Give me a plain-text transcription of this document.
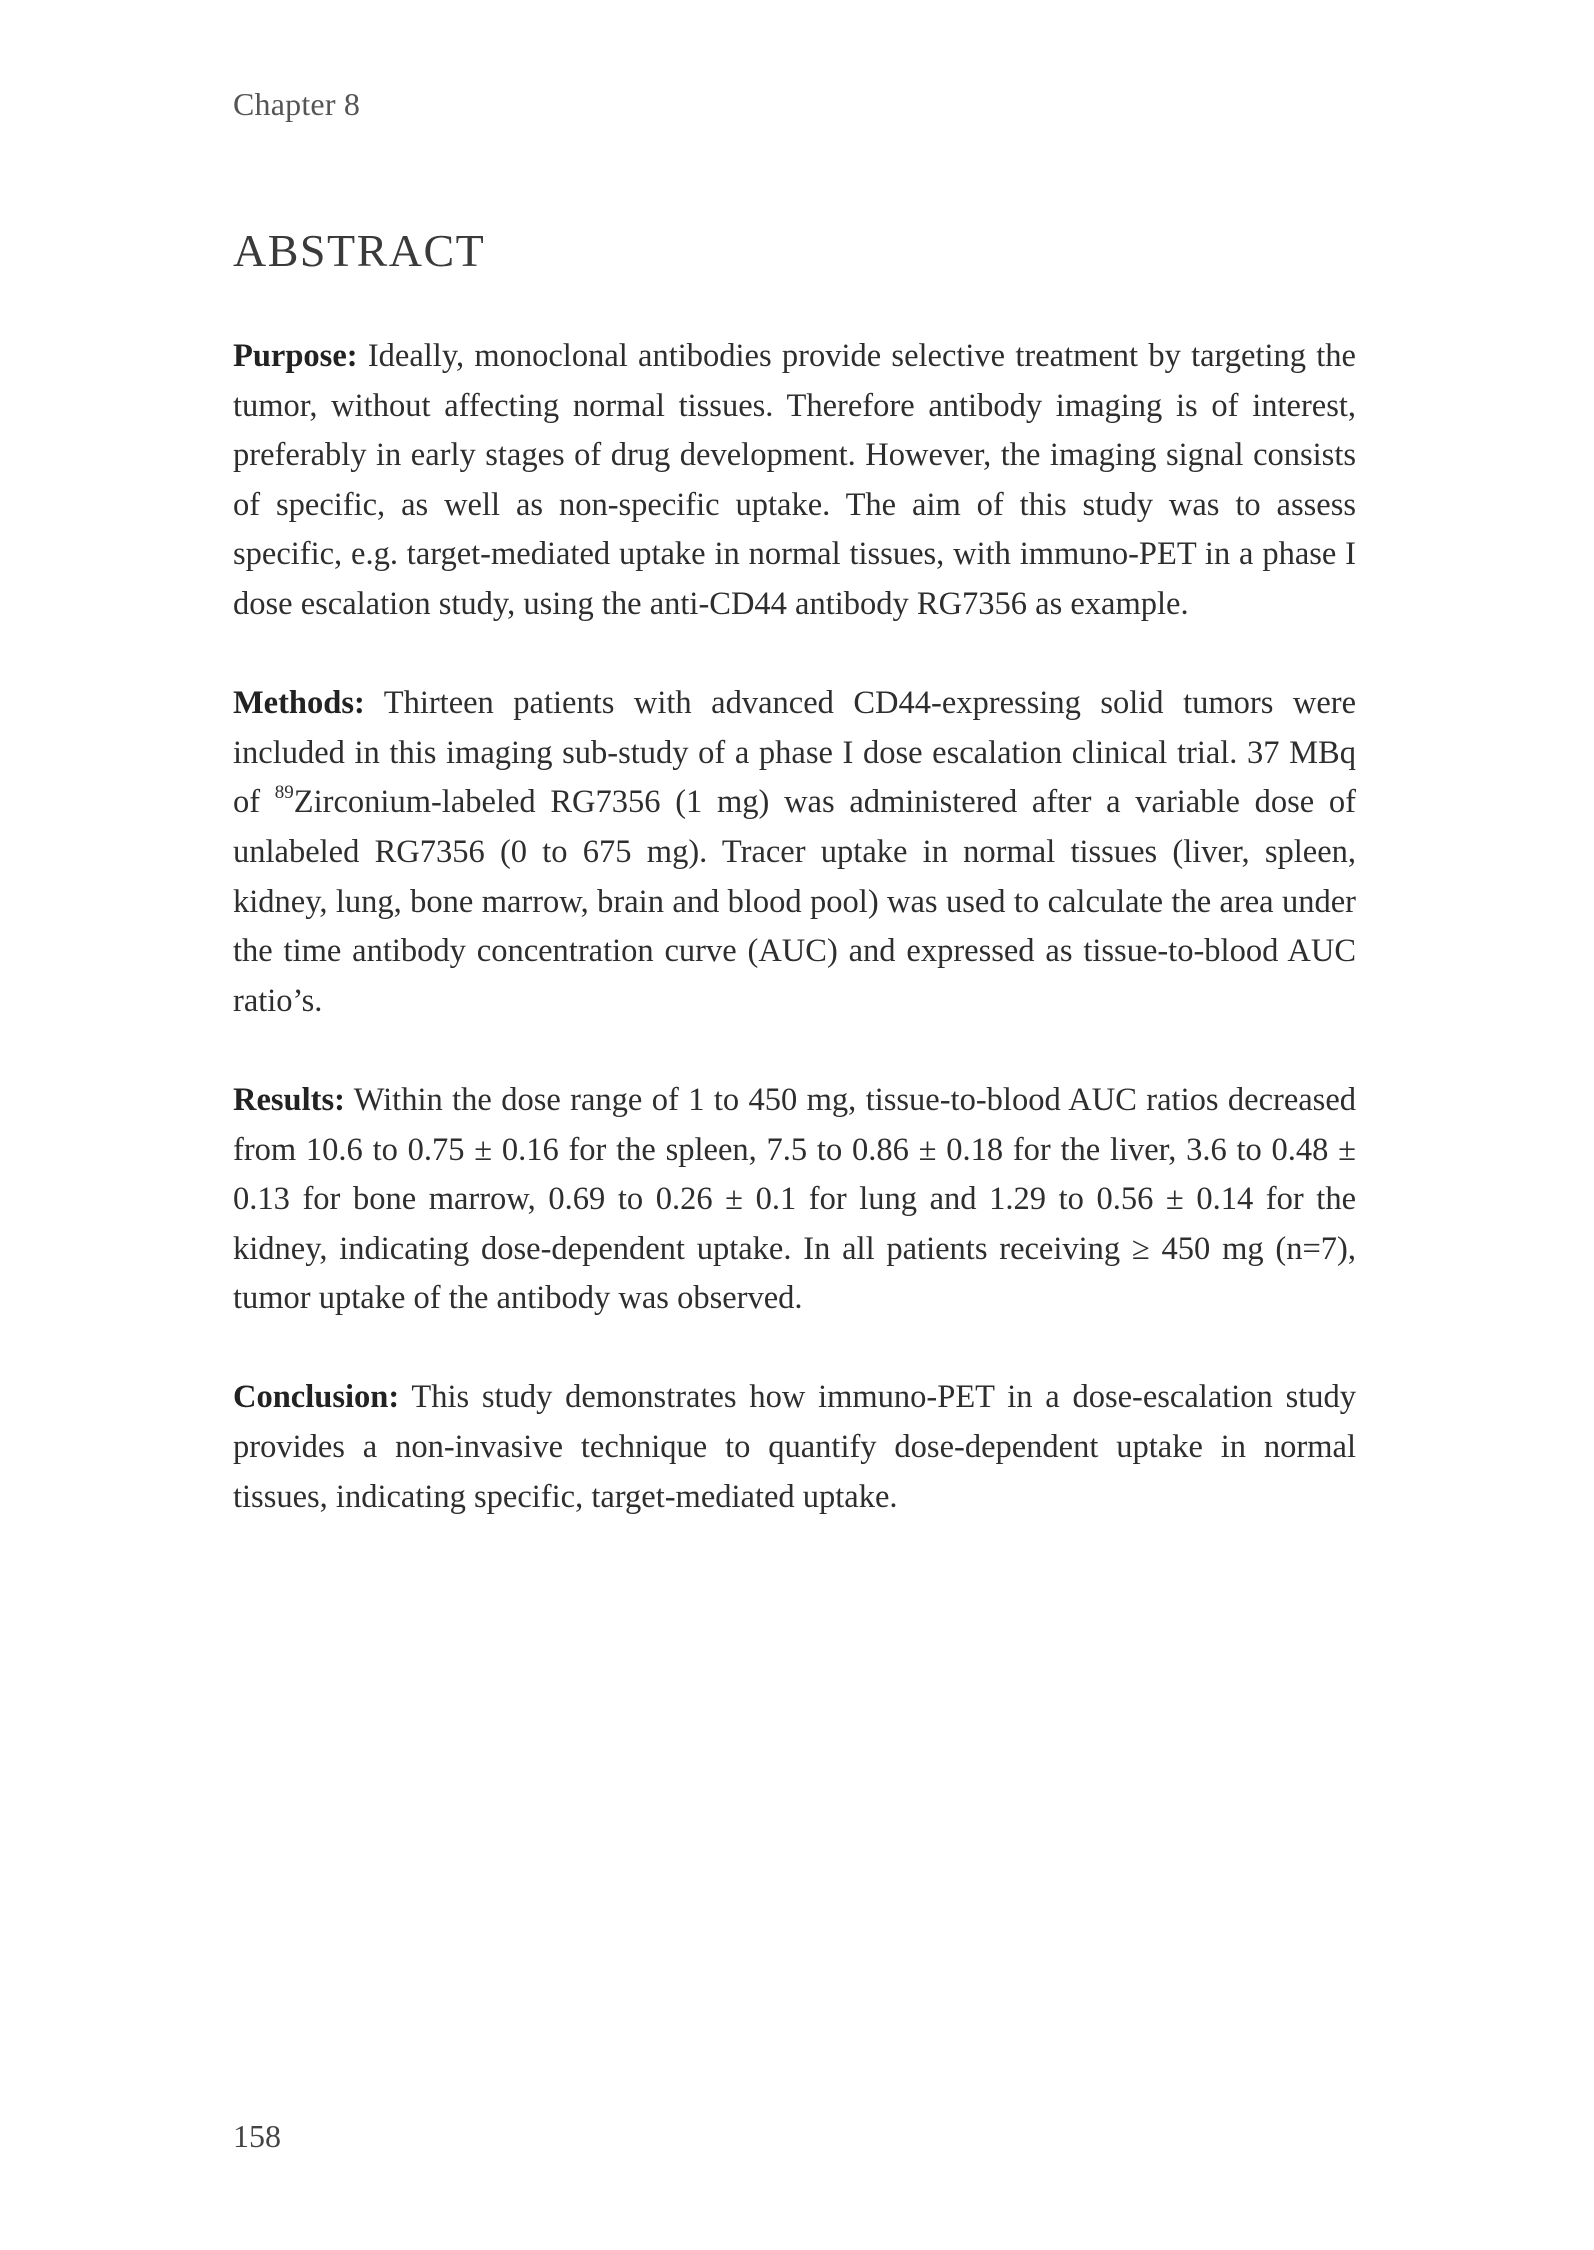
Chapter 8
ABSTRACT

Purpose: Ideally, monoclonal antibodies provide selective treatment by targeting the tumor, without affecting normal tissues. Therefore antibody imaging is of interest, preferably in early stages of drug development. However, the imaging signal consists of specific, as well as non-specific uptake. The aim of this study was to assess specific, e.g. target-mediated uptake in normal tissues, with immuno-PET in a phase I dose escalation study, using the anti-CD44 antibody RG7356 as example.

Methods: Thirteen patients with advanced CD44-expressing solid tumors were included in this imaging sub-study of a phase I dose escalation clinical trial. 37 MBq of $^{89}$Zirconium-labeled RG7356 (1 mg) was administered after a variable dose of unlabeled RG7356 (0 to 675 mg). Tracer uptake in normal tissues (liver, spleen, kidney, lung, bone marrow, brain and blood pool) was used to calculate the area under the time antibody concentration curve (AUC) and expressed as tissue-to-blood AUC ratio’s.

Results: Within the dose range of 1 to 450 mg, tissue-to-blood AUC ratios decreased from 10.6 to 0.75 ± 0.16 for the spleen, 7.5 to 0.86 ± 0.18 for the liver, 3.6 to 0.48 ± 0.13 for bone marrow, 0.69 to 0.26 ± 0.1 for lung and 1.29 to 0.56 ± 0.14 for the kidney, indicating dose-dependent uptake. In all patients receiving ≥ 450 mg (n=7), tumor uptake of the antibody was observed.

Conclusion: This study demonstrates how immuno-PET in a dose-escalation study provides a non-invasive technique to quantify dose-dependent uptake in normal tissues, indicating specific, target-mediated uptake.

158
